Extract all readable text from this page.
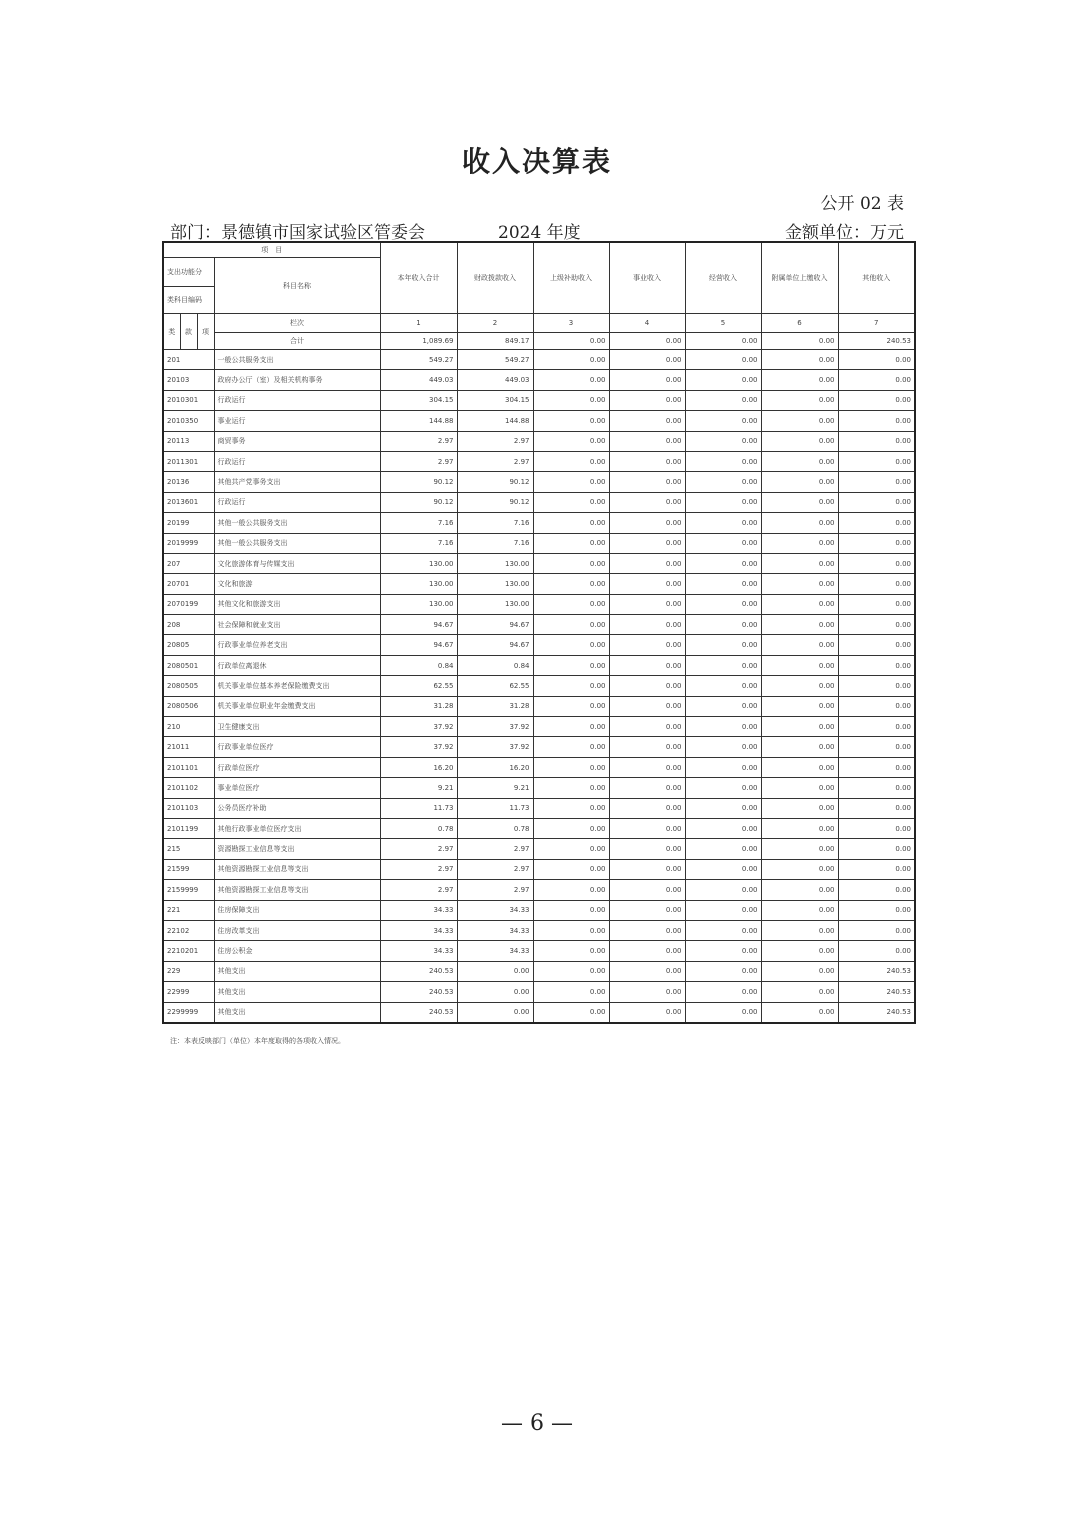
收入决算表
公开 02 表
部门：景德镇市国家试验区管委会	2024 年度	金额单位：万元
项　目				本年收入合计	财政拨款收入	上级补助收入	事业收入	经营收入	附属单位上缴收入	其他收入
支出功能分			科目名称							
类科目编码										
类	款	项	栏次	1	2	3	4	5	6	7
			合计	1,089.69	849.17	0.00	0.00	0.00	0.00	240.53
201			一般公共服务支出	549.27	549.27	0.00	0.00	0.00	0.00	0.00
20103			政府办公厅（室）及相关机构事务	449.03	449.03	0.00	0.00	0.00	0.00	0.00
2010301			行政运行	304.15	304.15	0.00	0.00	0.00	0.00	0.00
2010350			事业运行	144.88	144.88	0.00	0.00	0.00	0.00	0.00
20113			商贸事务	2.97	2.97	0.00	0.00	0.00	0.00	0.00
2011301			行政运行	2.97	2.97	0.00	0.00	0.00	0.00	0.00
20136			其他共产党事务支出	90.12	90.12	0.00	0.00	0.00	0.00	0.00
2013601			行政运行	90.12	90.12	0.00	0.00	0.00	0.00	0.00
20199			其他一般公共服务支出	7.16	7.16	0.00	0.00	0.00	0.00	0.00
2019999			其他一般公共服务支出	7.16	7.16	0.00	0.00	0.00	0.00	0.00
207			文化旅游体育与传媒支出	130.00	130.00	0.00	0.00	0.00	0.00	0.00
20701			文化和旅游	130.00	130.00	0.00	0.00	0.00	0.00	0.00
2070199			其他文化和旅游支出	130.00	130.00	0.00	0.00	0.00	0.00	0.00
208			社会保障和就业支出	94.67	94.67	0.00	0.00	0.00	0.00	0.00
20805			行政事业单位养老支出	94.67	94.67	0.00	0.00	0.00	0.00	0.00
2080501			行政单位离退休	0.84	0.84	0.00	0.00	0.00	0.00	0.00
2080505			机关事业单位基本养老保险缴费支出	62.55	62.55	0.00	0.00	0.00	0.00	0.00
2080506			机关事业单位职业年金缴费支出	31.28	31.28	0.00	0.00	0.00	0.00	0.00
210			卫生健康支出	37.92	37.92	0.00	0.00	0.00	0.00	0.00
21011			行政事业单位医疗	37.92	37.92	0.00	0.00	0.00	0.00	0.00
2101101			行政单位医疗	16.20	16.20	0.00	0.00	0.00	0.00	0.00
2101102			事业单位医疗	9.21	9.21	0.00	0.00	0.00	0.00	0.00
2101103			公务员医疗补助	11.73	11.73	0.00	0.00	0.00	0.00	0.00
2101199			其他行政事业单位医疗支出	0.78	0.78	0.00	0.00	0.00	0.00	0.00
215			资源勘探工业信息等支出	2.97	2.97	0.00	0.00	0.00	0.00	0.00
21599			其他资源勘探工业信息等支出	2.97	2.97	0.00	0.00	0.00	0.00	0.00
2159999			其他资源勘探工业信息等支出	2.97	2.97	0.00	0.00	0.00	0.00	0.00
221			住房保障支出	34.33	34.33	0.00	0.00	0.00	0.00	0.00
22102			住房改革支出	34.33	34.33	0.00	0.00	0.00	0.00	0.00
2210201			住房公积金	34.33	34.33	0.00	0.00	0.00	0.00	0.00
229			其他支出	240.53	0.00	0.00	0.00	0.00	0.00	240.53
22999			其他支出	240.53	0.00	0.00	0.00	0.00	0.00	240.53
2299999			其他支出	240.53	0.00	0.00	0.00	0.00	0.00	240.53
注：本表反映部门（单位）本年度取得的各项收入情况。
— 6 —
